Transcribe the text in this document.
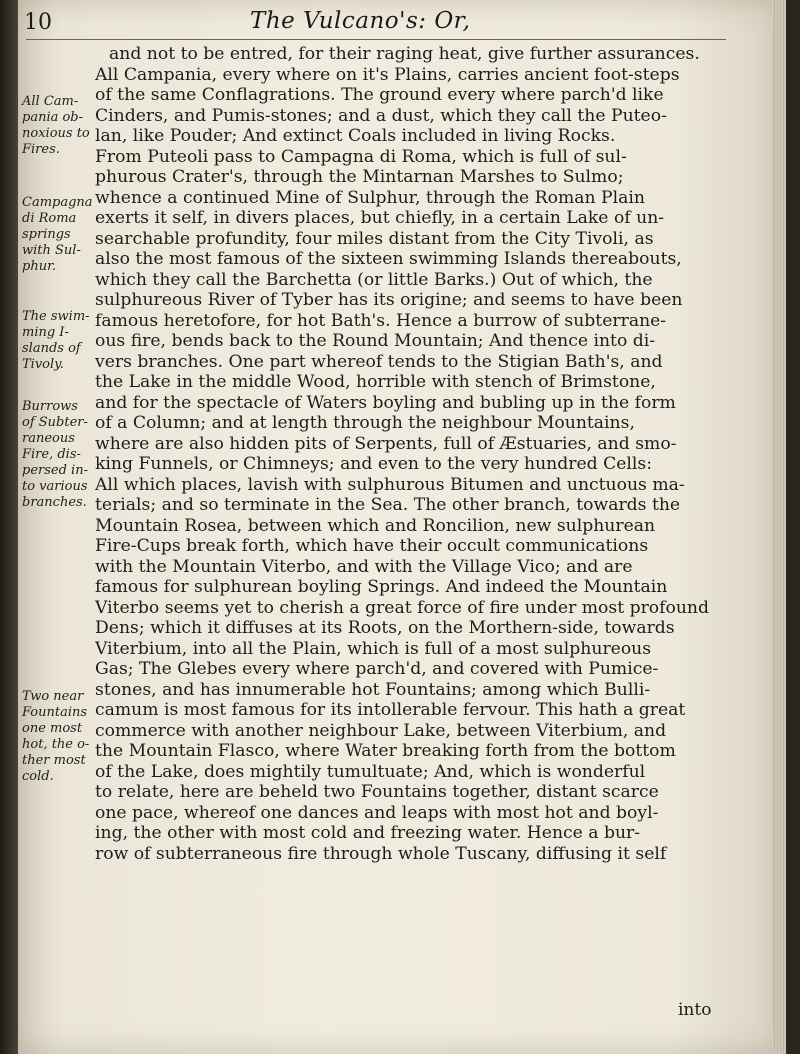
10	The Vulcano's: Or,
and not to be entred, for their raging heat, give further assurances.
All Campania, every where on it's Plains, carries ancient foot-steps
of the same Conflagrations. The ground every where parch'd like
Cinders, and Pumis-stones; and a dust, which they call the Puteo-
lan, like Pouder; And extinct Coals included in living Rocks.
From Puteoli pass to Campagna di Roma, which is full of sul-
phurous Crater's, through the Mintarnan Marshes to Sulmo;
whence a continued Mine of Sulphur, through the Roman Plain
exerts it self, in divers places, but chiefly, in a certain Lake of un-
searchable profundity, four miles distant from the City Tivoli, as
also the most famous of the sixteen swimming Islands thereabouts,
which they call the Barchetta (or little Barks.) Out of which, the
sulphureous River of Tyber has its origine; and seems to have been
famous heretofore, for hot Bath's. Hence a burrow of subterrane-
ous fire, bends back to the Round Mountain; And thence into di-
vers branches. One part whereof tends to the Stigian Bath's, and
the Lake in the middle Wood, horrible with stench of Brimstone,
and for the spectacle of Waters boyling and bubling up in the form
of a Column; and at length through the neighbour Mountains,
where are also hidden pits of Serpents, full of Æstuaries, and smo-
king Funnels, or Chimneys; and even to the very hundred Cells:
All which places, lavish with sulphurous Bitumen and unctuous ma-
terials; and so terminate in the Sea. The other branch, towards the
Mountain Rosea, between which and Roncilion, new sulphurean
Fire-Cups break forth, which have their occult communications
with the Mountain Viterbo, and with the Village Vico; and are
famous for sulphurean boyling Springs. And indeed the Mountain
Viterbo seems yet to cherish a great force of fire under most profound
Dens; which it diffuses at its Roots, on the Morthern-side, towards
Viterbium, into all the Plain, which is full of a most sulphureous
Gas; The Glebes every where parch'd, and covered with Pumice-
stones, and has innumerable hot Fountains; among which Bulli-
camum is most famous for its intollerable fervour. This hath a great
commerce with another neighbour Lake, between Viterbium, and
the Mountain Flasco, where Water breaking forth from the bottom
of the Lake, does mightily tumultuate; And, which is wonderful
to relate, here are beheld two Fountains together, distant scarce
one pace, whereof one dances and leaps with most hot and boyl-
ing, the other with most cold and freezing water. Hence a bur-
row of subterraneous fire through whole Tuscany, diffusing it self
All Cam-
pania ob-
noxious to
Fires.
Campagna
di Roma
springs
with Sul-
phur.
The swim-
ming I-
slands of
Tivoly.
Burrows
of Subter-
raneous
Fire, dis-
persed in-
to various
branches.
Two near
Fountains
one most
hot, the o-
ther most
cold.
into
